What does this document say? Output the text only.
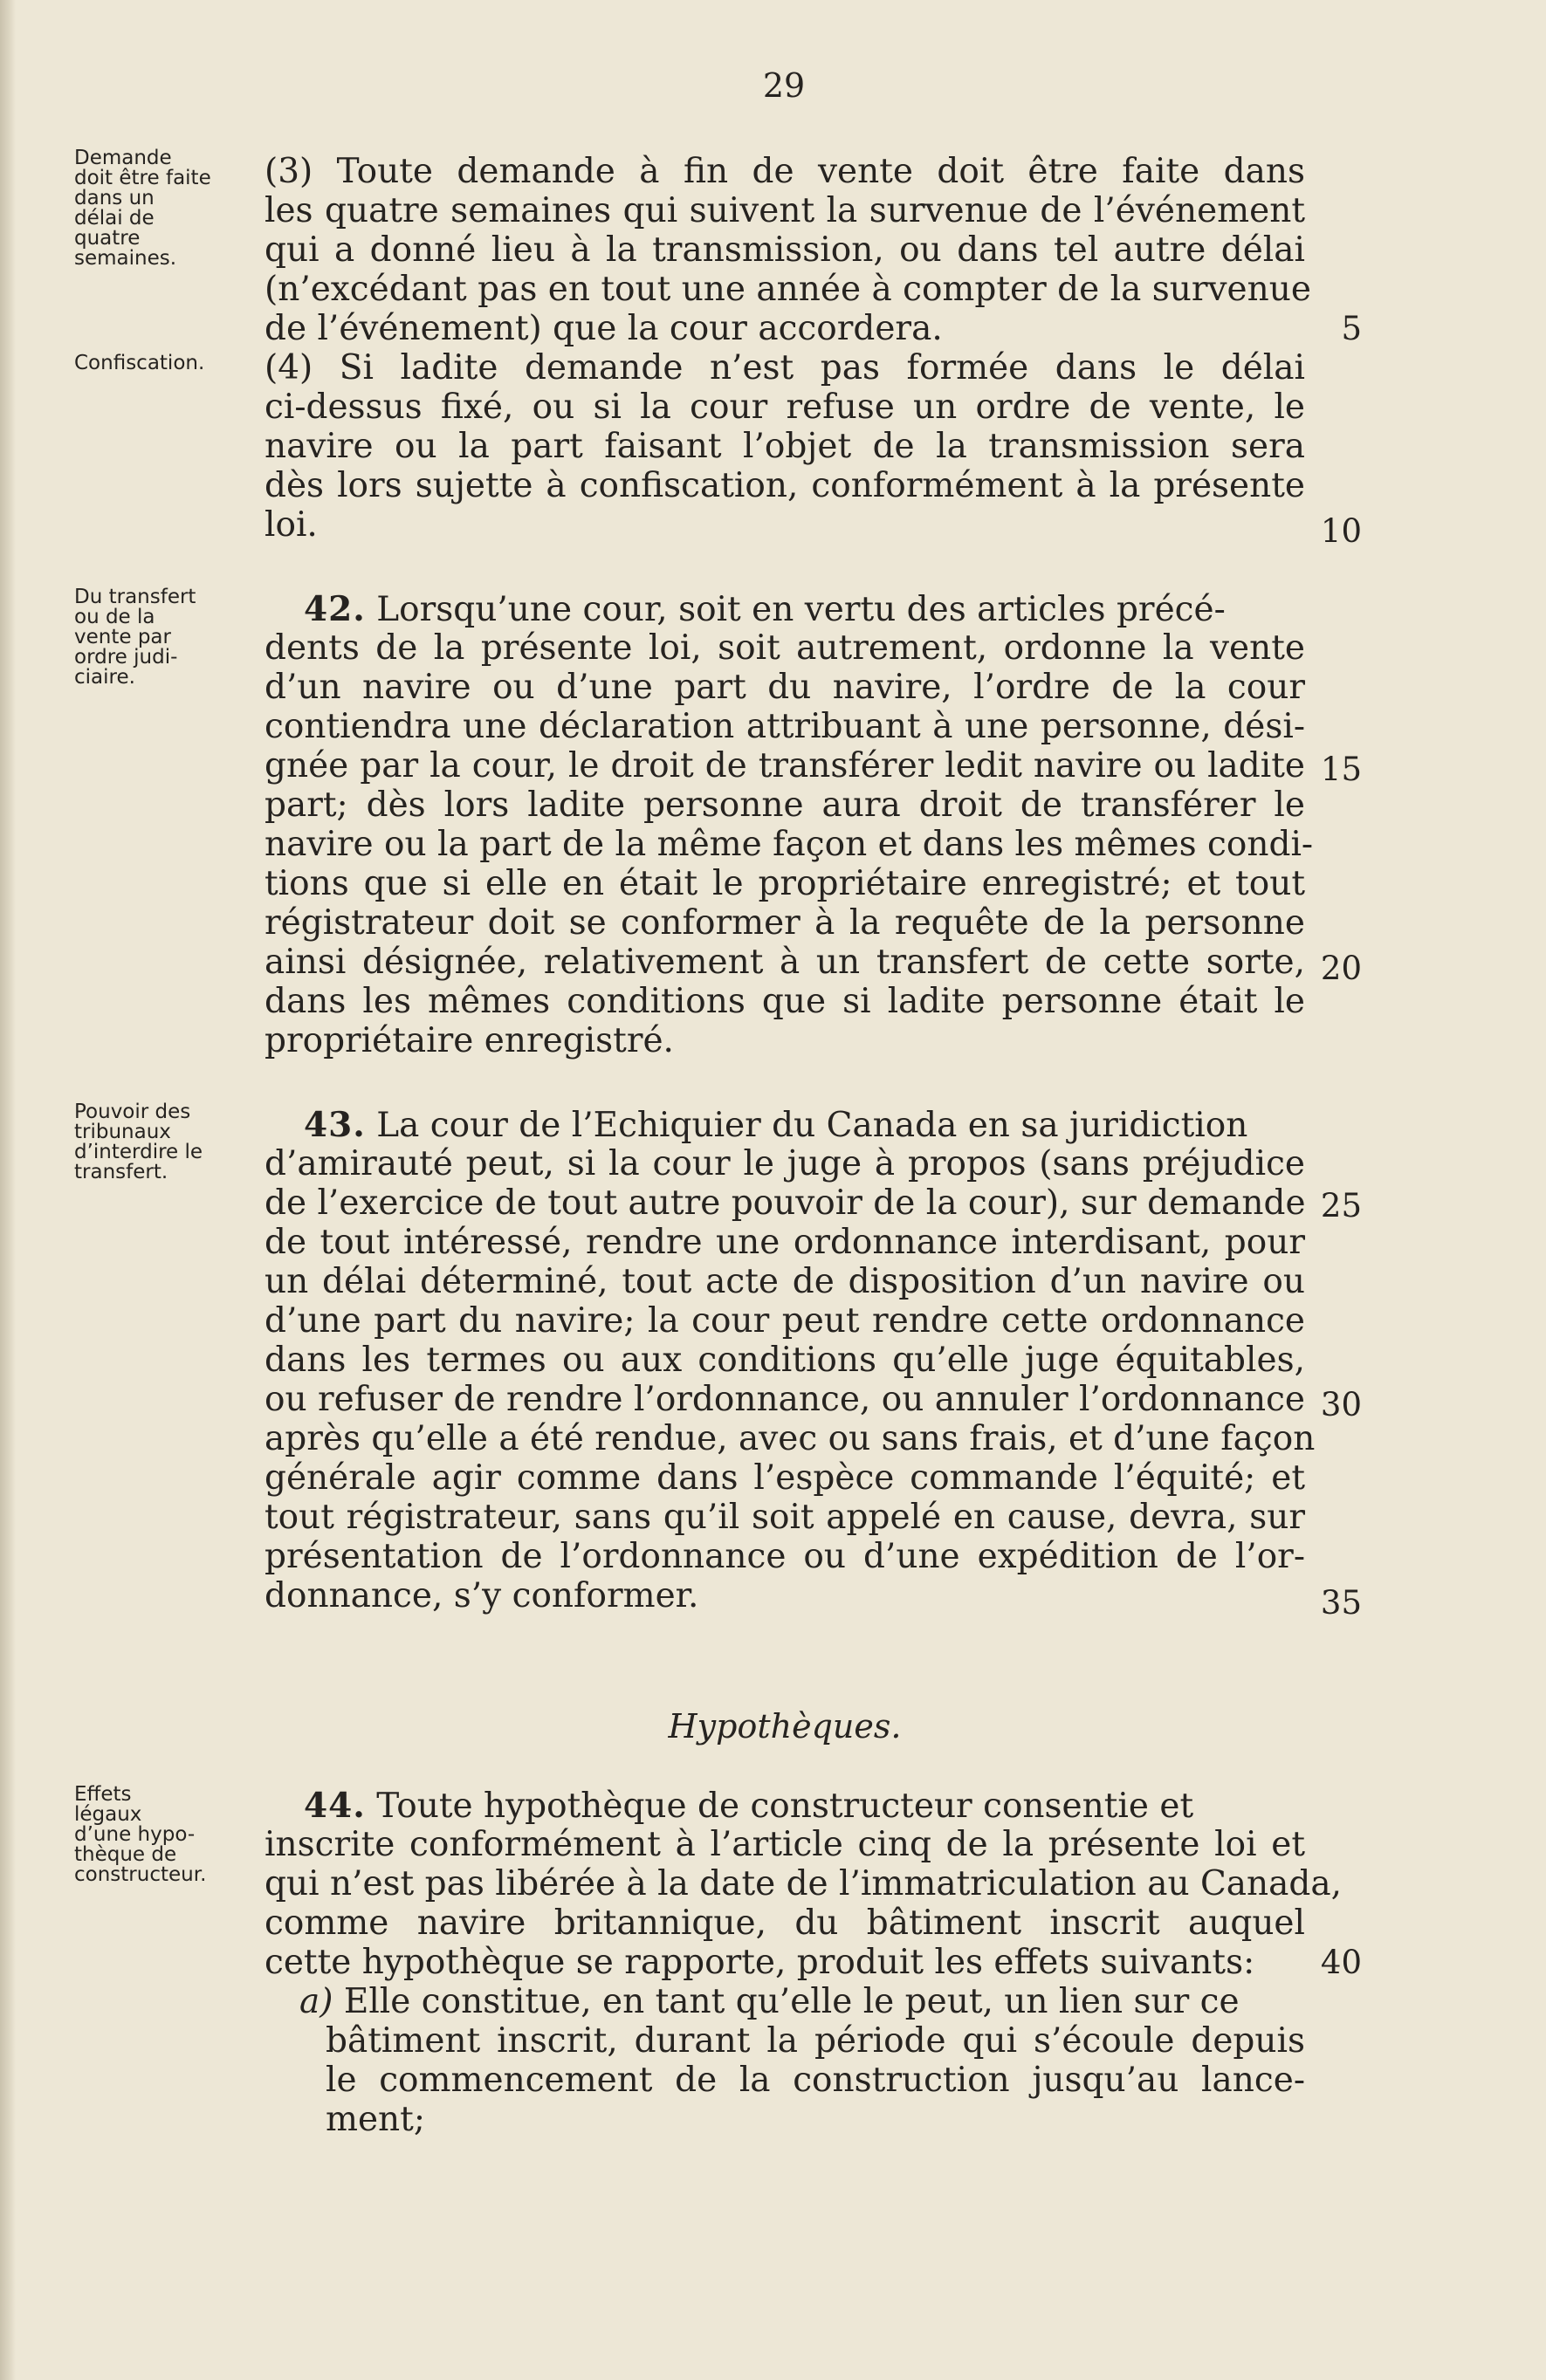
29
Demande
doit être faite
dans un
délai de
quatre
semaines.
Confiscation.
Du transfert
ou de la
vente par
ordre judi-
ciaire.
Pouvoir des
tribunaux
d’interdire le
transfert.
Effets
légaux
d’une hypo-
thèque de
constructeur.
(3) Toute demande à fin de vente doit être faite dans
les quatre semaines qui suivent la survenue de l’événement
qui a donné lieu à la transmission, ou dans tel autre délai
(n’excédant pas en tout une année à compter de la survenue
de l’événement) que la cour accordera.
(4) Si ladite demande n’est pas formée dans le délai
ci-dessus fixé, ou si la cour refuse un ordre de vente, le
navire ou la part faisant l’objet de la transmission sera
dès lors sujette à confiscation, conformément à la présente
loi.
42. Lorsqu’une cour, soit en vertu des articles précé-
dents de la présente loi, soit autrement, ordonne la vente
d’un navire ou d’une part du navire, l’ordre de la cour
contiendra une déclaration attribuant à une personne, dési-
gnée par la cour, le droit de transférer ledit navire ou ladite
part; dès lors ladite personne aura droit de transférer le
navire ou la part de la même façon et dans les mêmes condi-
tions que si elle en était le propriétaire enregistré; et tout
régistrateur doit se conformer à la requête de la personne
ainsi désignée, relativement à un transfert de cette sorte,
dans les mêmes conditions que si ladite personne était le
propriétaire enregistré.
43. La cour de l’Echiquier du Canada en sa juridiction
d’amirauté peut, si la cour le juge à propos (sans préjudice
de l’exercice de tout autre pouvoir de la cour), sur demande
de tout intéressé, rendre une ordonnance interdisant, pour
un délai déterminé, tout acte de disposition d’un navire ou
d’une part du navire; la cour peut rendre cette ordonnance
dans les termes ou aux conditions qu’elle juge équitables,
ou refuser de rendre l’ordonnance, ou annuler l’ordonnance
après qu’elle a été rendue, avec ou sans frais, et d’une façon
générale agir comme dans l’espèce commande l’équité; et
tout régistrateur, sans qu’il soit appelé en cause, devra, sur
présentation de l’ordonnance ou d’une expédition de l’or-
donnance, s’y conformer.
Hypothèques.
44. Toute hypothèque de constructeur consentie et
inscrite conformément à l’article cinq de la présente loi et
qui n’est pas libérée à la date de l’immatriculation au Canada,
comme navire britannique, du bâtiment inscrit auquel
cette hypothèque se rapporte, produit les effets suivants:
a) Elle constitue, en tant qu’elle le peut, un lien sur ce
bâtiment inscrit, durant la période qui s’écoule depuis
le commencement de la construction jusqu’au lance-
ment;
5
10
15
20
25
30
35
40
